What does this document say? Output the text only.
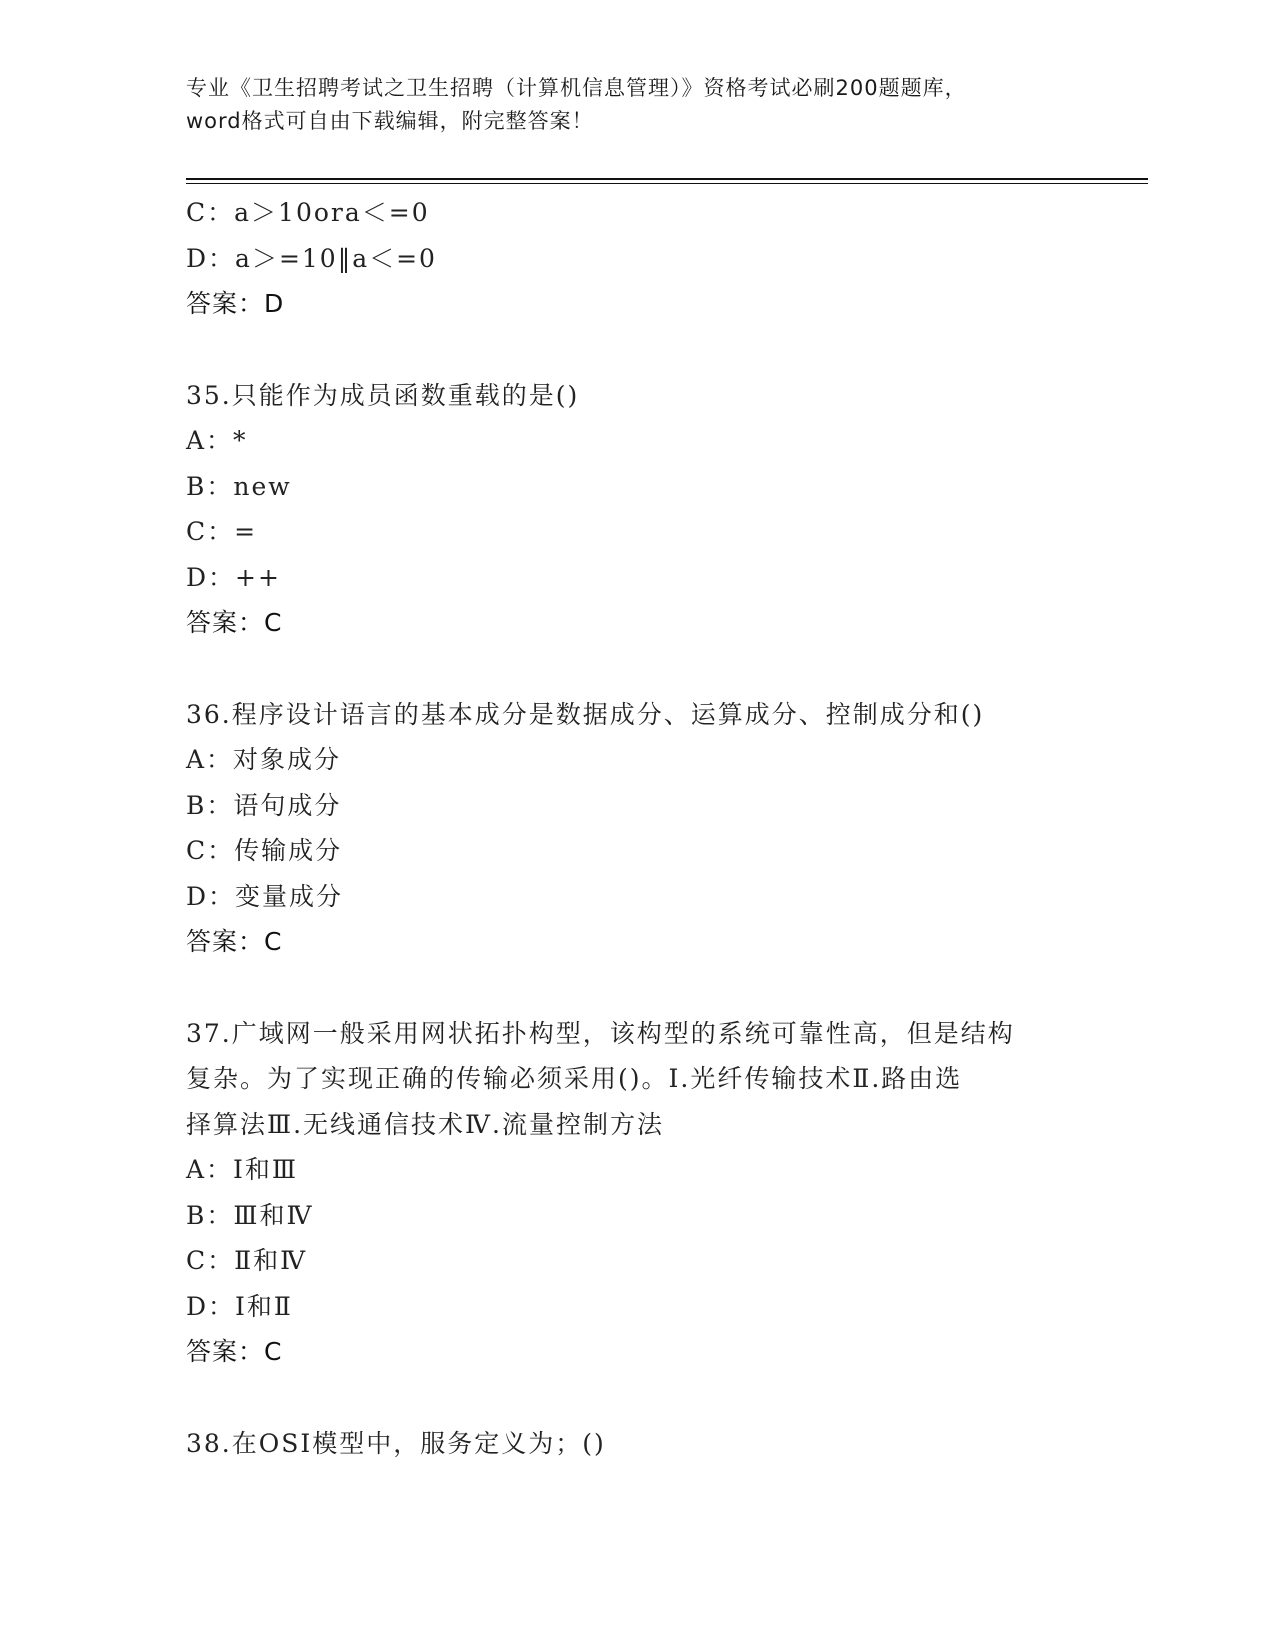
专业《卫生招聘考试之卫生招聘（计算机信息管理）》资格考试必刷200题题库，
word格式可自由下载编辑，附完整答案！
C：a＞10ora＜=0
D：a＞=10‖a＜=0
答案：D
35.只能作为成员函数重载的是()
A：*
B：new
C：=
D：++
答案：C
36.程序设计语言的基本成分是数据成分、运算成分、控制成分和()
A：对象成分
B：语句成分
C：传输成分
D：变量成分
答案：C
37.广域网一般采用网状拓扑构型，该构型的系统可靠性高，但是结构
复杂。为了实现正确的传输必须采用()。Ⅰ.光纤传输技术Ⅱ.路由选
择算法Ⅲ.无线通信技术Ⅳ.流量控制方法
A：Ⅰ和Ⅲ
B：Ⅲ和Ⅳ
C：Ⅱ和Ⅳ
D：Ⅰ和Ⅱ
答案：C
38.在OSI模型中，服务定义为；()
